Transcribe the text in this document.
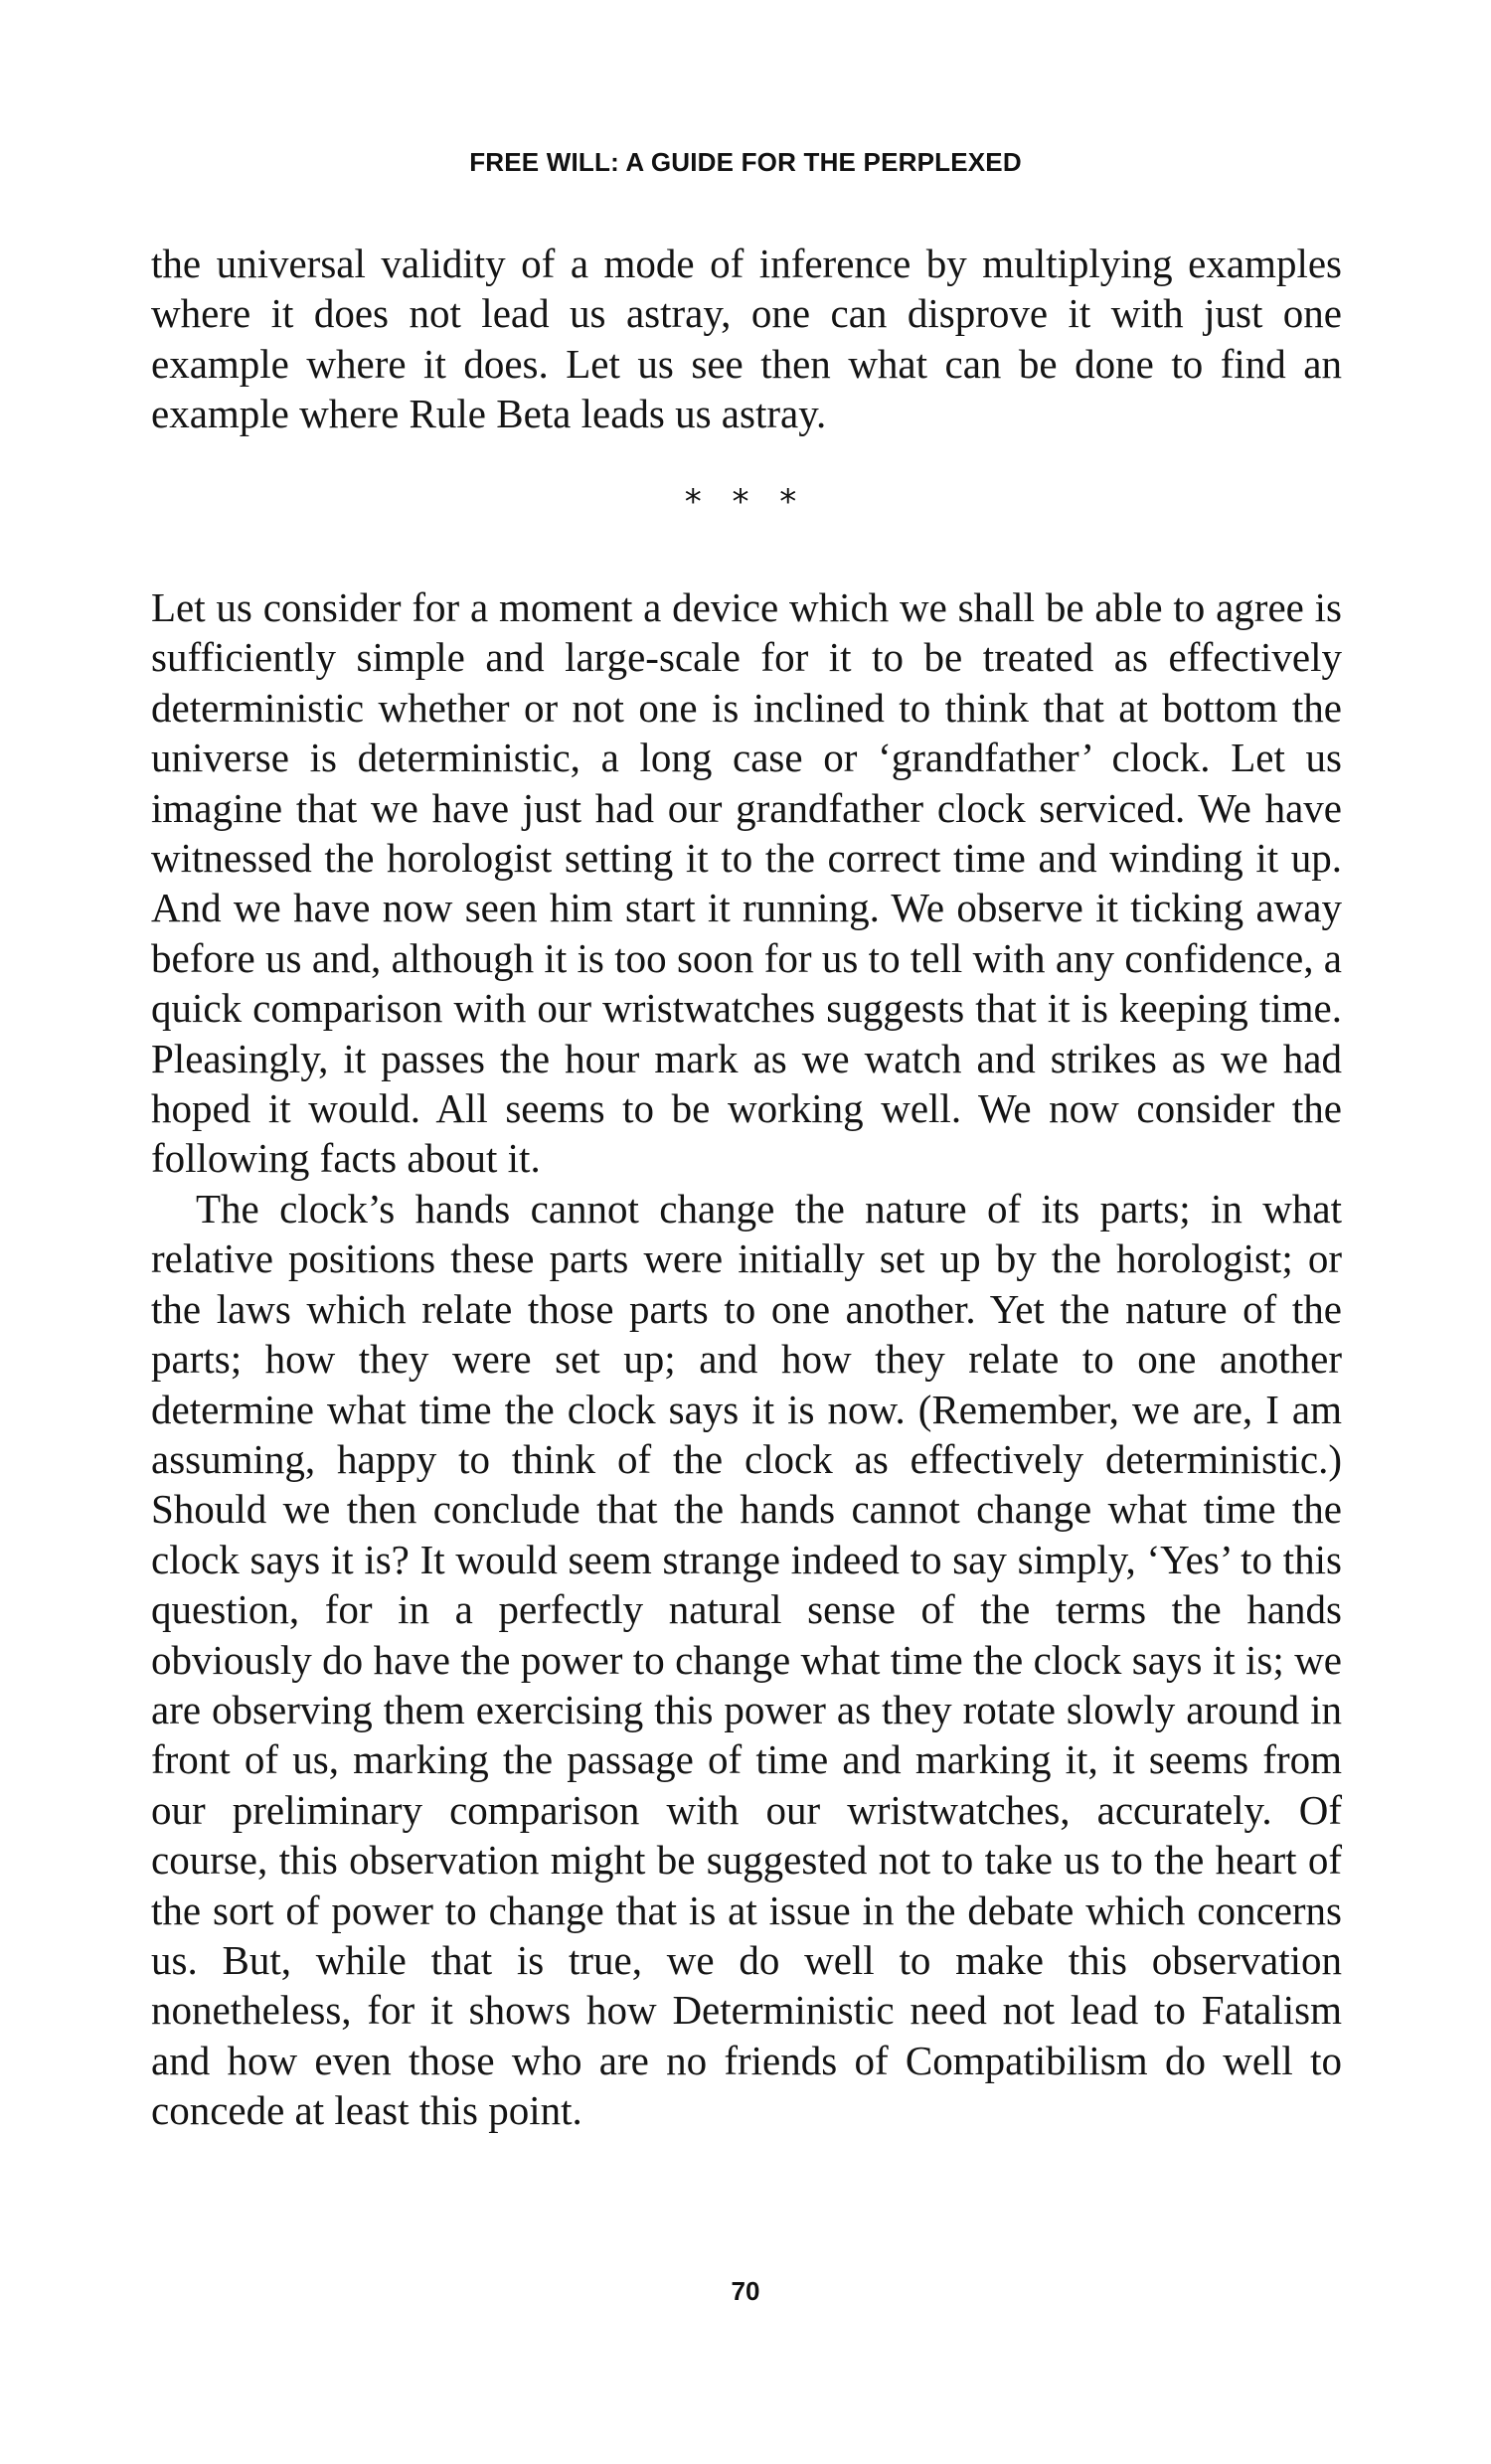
FREE WILL: A GUIDE FOR THE PERPLEXED

the universal validity of a mode of inference by multiplying examples where it does not lead us astray, one can disprove it with just one example where it does. Let us see then what can be done to find an example where Rule Beta leads us astray.

* * *

Let us consider for a moment a device which we shall be able to agree is sufficiently simple and large-scale for it to be treated as effectively deterministic whether or not one is inclined to think that at bottom the universe is deterministic, a long case or ‘grandfather’ clock. Let us imagine that we have just had our grandfather clock serviced. We have witnessed the horologist setting it to the correct time and winding it up. And we have now seen him start it running. We observe it ticking away before us and, although it is too soon for us to tell with any confidence, a quick comparison with our wristwatches suggests that it is keeping time. Pleasingly, it passes the hour mark as we watch and strikes as we had hoped it would. All seems to be working well. We now consider the following facts about it.

The clock’s hands cannot change the nature of its parts; in what relative positions these parts were initially set up by the horologist; or the laws which relate those parts to one another. Yet the nature of the parts; how they were set up; and how they relate to one another determine what time the clock says it is now. (Remember, we are, I am assuming, happy to think of the clock as effectively deterministic.) Should we then conclude that the hands cannot change what time the clock says it is? It would seem strange indeed to say simply, ‘Yes’ to this question, for in a perfectly natural sense of the terms the hands obviously do have the power to change what time the clock says it is; we are observing them exercising this power as they rotate slowly around in front of us, marking the passage of time and marking it, it seems from our preliminary comparison with our wristwatches, accurately. Of course, this observation might be suggested not to take us to the heart of the sort of power to change that is at issue in the debate which concerns us. But, while that is true, we do well to make this observation nonetheless, for it shows how Deterministic need not lead to Fatalism and how even those who are no friends of Compatibilism do well to concede at least this point.

70
